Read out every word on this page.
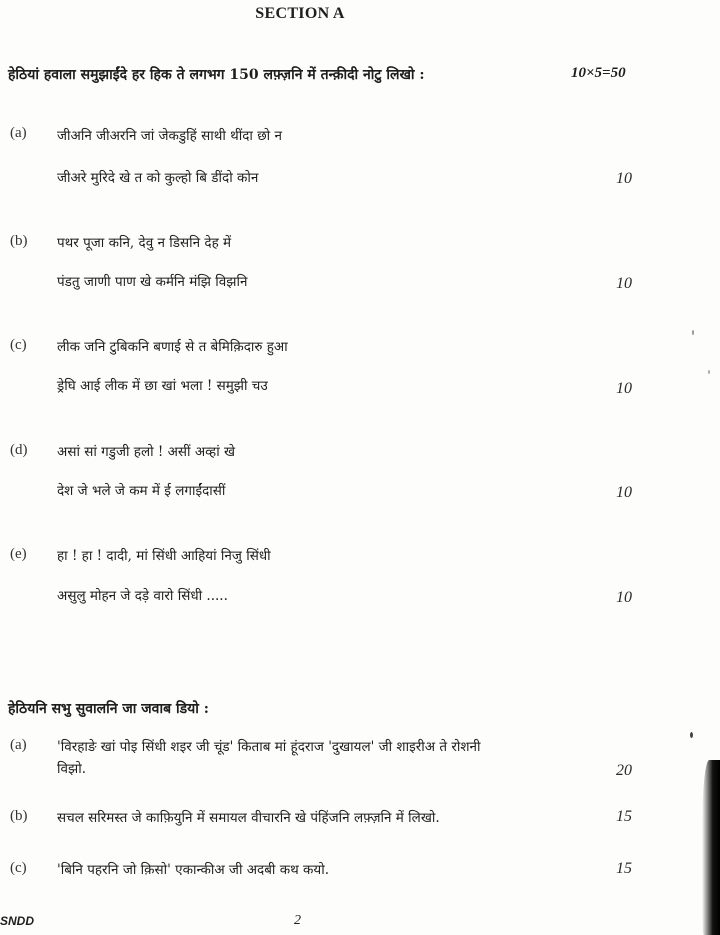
SECTION A
हेठियां हवाला समुझाईंदे हर हिक ते लगभग 150 लफ़्ज़नि में तन्क़ीदी नोटु लिखो :	10×5=50
(a) जीअनि जीअरनि जां जेकडुहिं साथी थींदा छो न
जीअरे मुरिदे खे त को कुल्हो बि डींदो कोन	10
(b) पथर पूजा कनि, देवु न डिसनि देह में
पंडतु जाणी पाण खे कर्मनि मंझि विझनि	10
(c) लीक जनि टुबिकनि बणाई से त बेमिक़िदारु हुआ
ड्रेघि आई लीक में छा खां भला ! समुझी चउ	10
(d) असां सां गडुजी हलो ! असीं अव्हां खे
देश जे भले जे कम में ई लगाईंदासीं	10
(e) हा ! हा ! दादी, मां सिंधी आहियां निजु सिंधी
असुलु मोहन जे दड़े वारो सिंधी .....	10
हेठियनि सभु सुवालनि जा जवाब डियो :
(a) 'विरहाङे खां पोइ सिंधी शइर जी चूंड' किताब मां हूंदराज 'दुखायल' जी शाइरीअ ते रोशनी
विझो.	20
(b) सचल सरिमस्त जे काफ़ियुनि में समायल वीचारनि खे पंहिंजनि लफ़्ज़नि में लिखो.	15
(c) 'बिनि पहरनि जो क़िसो' एकान्कीअ जी अदबी कथ कयो.	15
SNDD	2
